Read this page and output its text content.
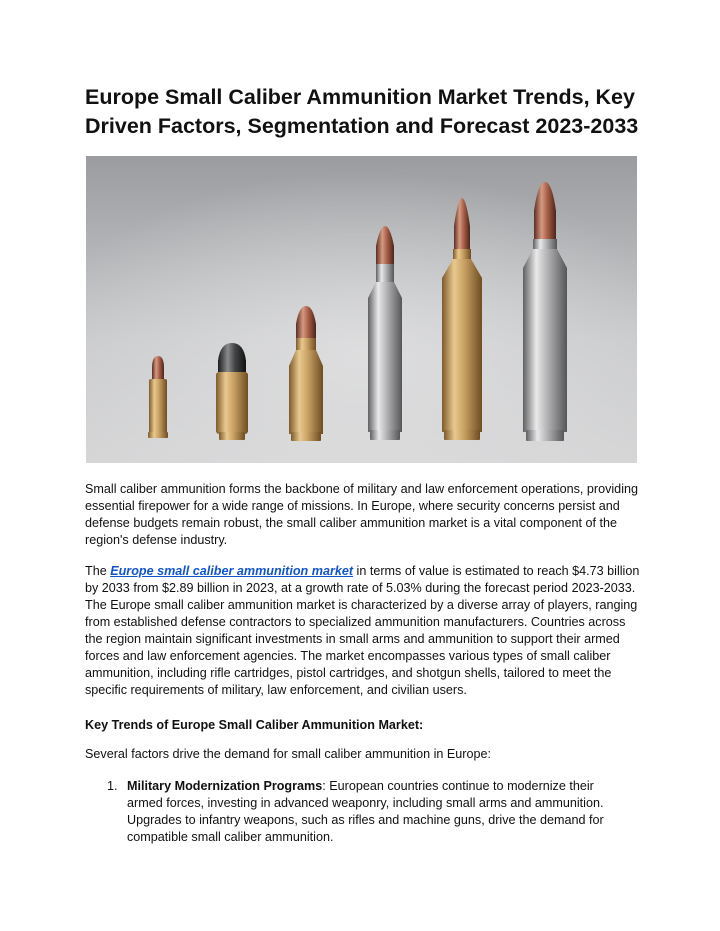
Europe Small Caliber Ammunition Market Trends, Key Driven Factors, Segmentation and Forecast 2023-2033

Small caliber ammunition forms the backbone of military and law enforcement operations, providing essential firepower for a wide range of missions. In Europe, where security concerns persist and defense budgets remain robust, the small caliber ammunition market is a vital component of the region's defense industry.

The Europe small caliber ammunition market in terms of value is estimated to reach $4.73 billion by 2033 from $2.89 billion in 2023, at a growth rate of 5.03% during the forecast period 2023-2033. The Europe small caliber ammunition market is characterized by a diverse array of players, ranging from established defense contractors to specialized ammunition manufacturers. Countries across the region maintain significant investments in small arms and ammunition to support their armed forces and law enforcement agencies. The market encompasses various types of small caliber ammunition, including rifle cartridges, pistol cartridges, and shotgun shells, tailored to meet the specific requirements of military, law enforcement, and civilian users.

Key Trends of Europe Small Caliber Ammunition Market:

Several factors drive the demand for small caliber ammunition in Europe:

1. Military Modernization Programs: European countries continue to modernize their armed forces, investing in advanced weaponry, including small arms and ammunition. Upgrades to infantry weapons, such as rifles and machine guns, drive the demand for compatible small caliber ammunition.
